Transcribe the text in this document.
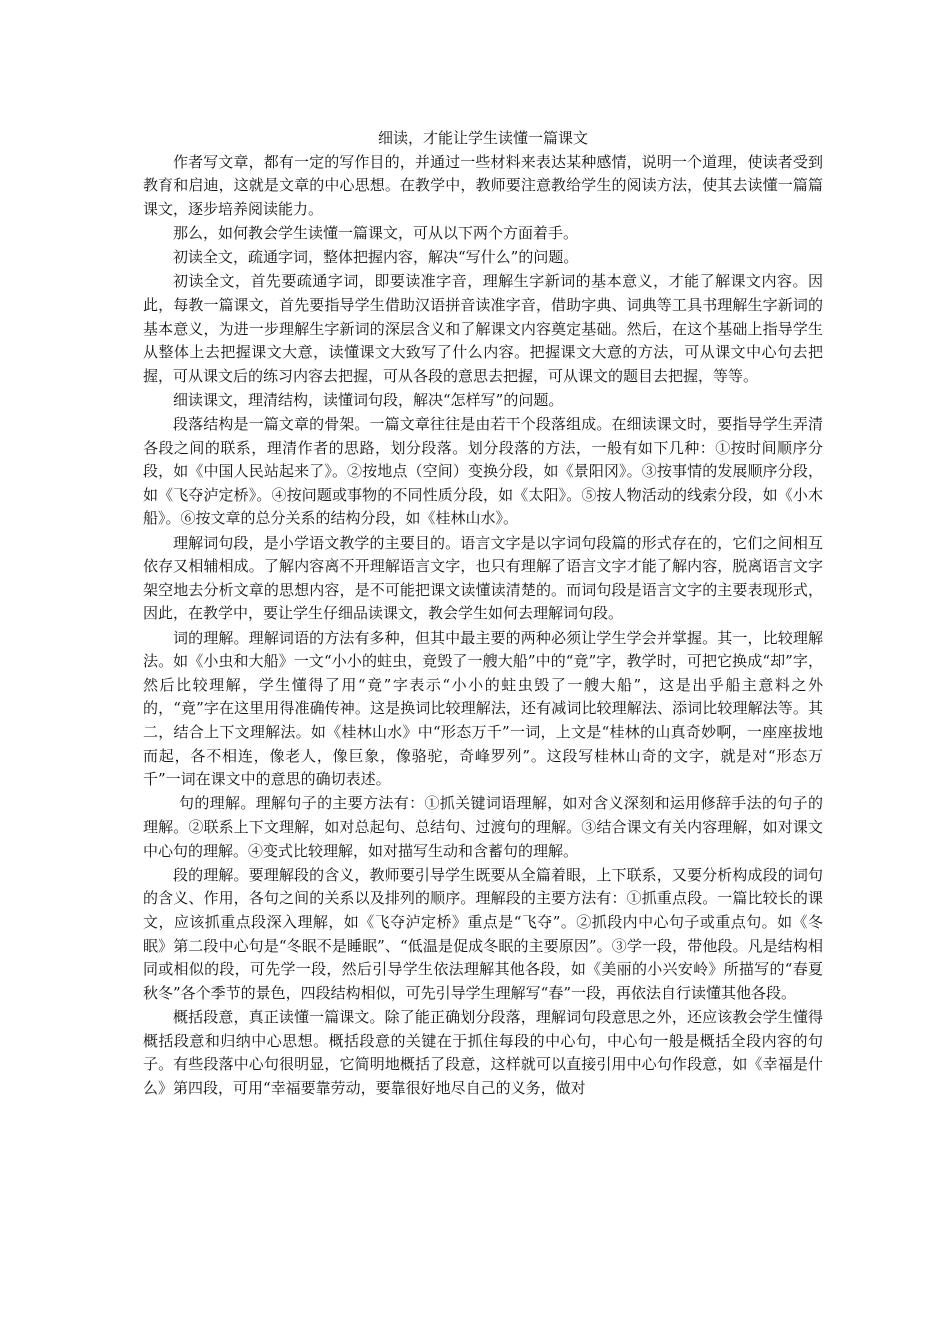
细读，才能让学生读懂一篇课文

作者写文章，都有一定的写作目的，并通过一些材料来表达某种感情，说明一个道理，使读者受到教育和启迪，这就是文章的中心思想。在教学中，教师要注意教给学生的阅读方法，使其去读懂一篇篇课文，逐步培养阅读能力。

那么，如何教会学生读懂一篇课文，可从以下两个方面着手。

初读全文，疏通字词，整体把握内容，解决“写什么”的问题。

初读全文，首先要疏通字词，即要读准字音，理解生字新词的基本意义，才能了解课文内容。因此，每教一篇课文，首先要指导学生借助汉语拼音读准字音，借助字典、词典等工具书理解生字新词的基本意义，为进一步理解生字新词的深层含义和了解课文内容奠定基础。然后，在这个基础上指导学生从整体上去把握课文大意，读懂课文大致写了什么内容。把握课文大意的方法，可从课文中心句去把握，可从课文后的练习内容去把握，可从各段的意思去把握，可从课文的题目去把握，等等。

细读课文，理清结构，读懂词句段，解决“怎样写”的问题。

段落结构是一篇文章的骨架。一篇文章往往是由若干个段落组成。在细读课文时，要指导学生弄清各段之间的联系，理清作者的思路，划分段落。划分段落的方法，一般有如下几种：①按时间顺序分段，如《中国人民站起来了》。②按地点（空间）变换分段，如《景阳冈》。③按事情的发展顺序分段，如《飞夺泸定桥》。④按问题或事物的不同性质分段，如《太阳》。⑤按人物活动的线索分段，如《小木船》。⑥按文章的总分关系的结构分段，如《桂林山水》。

理解词句段，是小学语文教学的主要目的。语言文字是以字词句段篇的形式存在的，它们之间相互依存又相辅相成。了解内容离不开理解语言文字，也只有理解了语言文字才能了解内容，脱离语言文字架空地去分析文章的思想内容，是不可能把课文读懂读清楚的。而词句段是语言文字的主要表现形式，因此，在教学中，要让学生仔细品读课文，教会学生如何去理解词句段。

词的理解。理解词语的方法有多种，但其中最主要的两种必须让学生学会并掌握。其一，比较理解法。如《小虫和大船》一文“小小的蛀虫，竟毁了一艘大船”中的“竟”字，教学时，可把它换成“却”字，然后比较理解，学生懂得了用“竟”字表示“小小的蛀虫毁了一艘大船”，这是出乎船主意料之外的，“竟”字在这里用得准确传神。这是换词比较理解法，还有减词比较理解法、添词比较理解法等。其二，结合上下文理解法。如《桂林山水》中“形态万千”一词，上文是“桂林的山真奇妙啊，一座座拔地而起，各不相连，像老人，像巨象，像骆驼，奇峰罗列”。这段写桂林山奇的文字，就是对“形态万千”一词在课文中的意思的确切表述。

句的理解。理解句子的主要方法有：①抓关键词语理解，如对含义深刻和运用修辞手法的句子的理解。②联系上下文理解，如对总起句、总结句、过渡句的理解。③结合课文有关内容理解，如对课文中心句的理解。④变式比较理解，如对描写生动和含蓄句的理解。

段的理解。要理解段的含义，教师要引导学生既要从全篇着眼，上下联系，又要分析构成段的词句的含义、作用，各句之间的关系以及排列的顺序。理解段的主要方法有：①抓重点段。一篇比较长的课文，应该抓重点段深入理解，如《飞夺泸定桥》重点是“飞夺”。②抓段内中心句子或重点句。如《冬眠》第二段中心句是“冬眠不是睡眠”、“低温是促成冬眠的主要原因”。③学一段，带他段。凡是结构相同或相似的段，可先学一段，然后引导学生依法理解其他各段，如《美丽的小兴安岭》所描写的“春夏秋冬”各个季节的景色，四段结构相似，可先引导学生理解写“春”一段，再依法自行读懂其他各段。

概括段意，真正读懂一篇课文。除了能正确划分段落，理解词句段意思之外，还应该教会学生懂得概括段意和归纳中心思想。概括段意的关键在于抓住每段的中心句，中心句一般是概括全段内容的句子。有些段落中心句很明显，它简明地概括了段意，这样就可以直接引用中心句作段意，如《幸福是什么》第四段，可用“幸福要靠劳动，要靠很好地尽自己的义务，做对
